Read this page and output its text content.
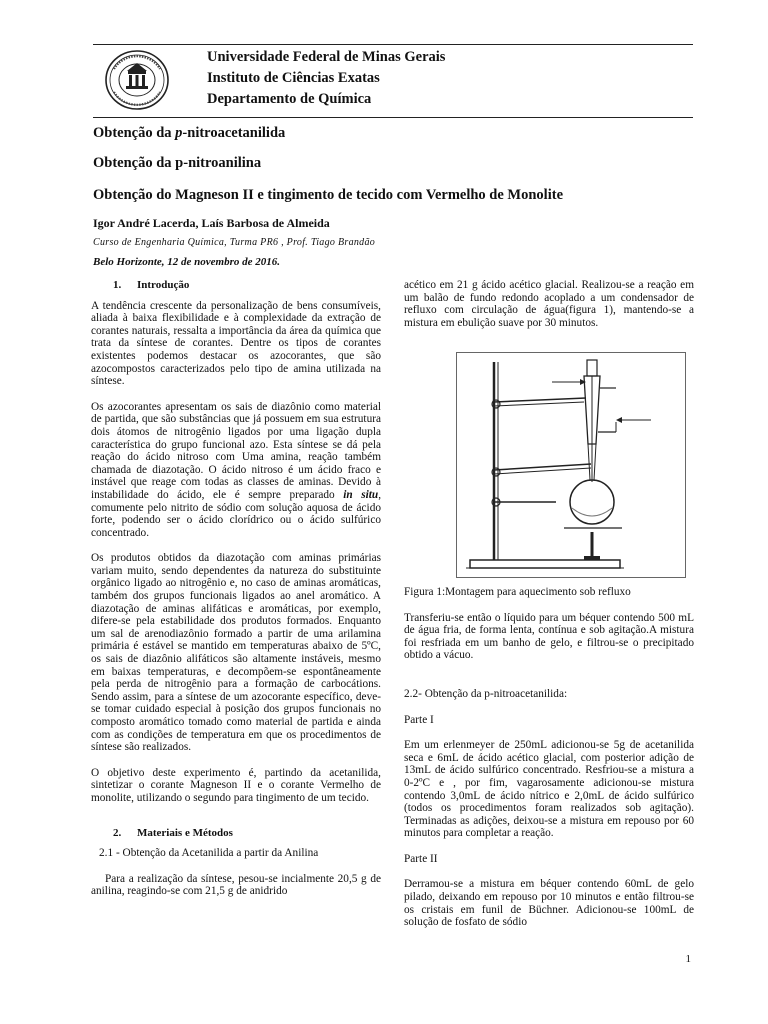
Universidade Federal de Minas Gerais
Instituto de Ciências Exatas
Departamento de Química
Obtenção da p-nitroacetanilida
Obtenção da p-nitroanilina
Obtenção do Magneson II e tingimento de tecido com Vermelho de Monolite
Igor André Lacerda, Laís Barbosa de Almeida
Curso de Engenharia Química, Turma PR6 , Prof. Tiago Brandão
Belo Horizonte, 12 de novembro de 2016.
1. Introdução

A tendência crescente da personalização de bens consumíveis, aliada à baixa flexibilidade e à complexidade da extração de corantes naturais, ressalta a importância da área da química que trata da síntese de corantes. Dentre os tipos de corantes existentes podemos destacar os azocorantes, que são azocompostos caracterizados pelo tipo de amina utilizada na síntese.

Os azocorantes apresentam os sais de diazônio como material de partida, que são substâncias que já possuem em sua estrutura dois átomos de nitrogênio ligados por uma ligação dupla característica do grupo funcional azo. Esta síntese se dá pela reação do ácido nitroso com Uma amina, reação também chamada de diazotação. O ácido nitroso é um ácido fraco e instável que reage com todas as classes de aminas. Devido à instabilidade do ácido, ele é sempre preparado in situ, comumente pelo nitrito de sódio com solução aquosa de ácido forte, podendo ser o ácido clorídrico ou o ácido sulfúrico concentrado.

Os produtos obtidos da diazotação com aminas primárias variam muito, sendo dependentes da natureza do substituinte orgânico ligado ao nitrogênio e, no caso de aminas aromáticas, também dos grupos funcionais ligados ao anel aromático. A diazotação de aminas alifáticas e aromáticas, por exemplo, difere-se pela estabilidade dos produtos formados. Enquanto um sal de arenodiazônio formado a partir de uma arilamina primária é estável se mantido em temperaturas abaixo de 5ºC, os sais de diazônio alifáticos são altamente instáveis, mesmo em baixas temperaturas, e decompõem-se espontâneamente pela perda de nitrogênio para a formação de carbocátions. Sendo assim, para a síntese de um azocorante específico, deve-se tomar cuidado especial à posição dos grupos funcionais no composto aromático tomado como material de partida e ainda com as condições de temperatura em que os procedimentos de síntese são realizados.

O objetivo deste experimento é, partindo da acetanilida, sintetizar o corante Magneson II e o corante Vermelho de monolite, utilizando o segundo para tingimento de um tecido.

2. Materiais e Métodos

2.1 - Obtenção da Acetanilida a partir da Anilina

Para a realização da síntese, pesou-se incialmente 20,5 g de anilina, reagindo-se com 21,5 g de anidrido

acético em 21 g ácido acético glacial. Realizou-se a reação em um balão de fundo redondo acoplado a um condensador de refluxo com circulação de água(figura 1), mantendo-se a mistura em ebulição suave por 30 minutos.

Figura 1:Montagem para aquecimento sob refluxo

Transferiu-se então o líquido para um béquer contendo 500 mL de água fria, de forma lenta, contínua e sob agitação.A mistura foi resfriada em um banho de gelo, e filtrou-se o precipitado obtido a vácuo.

2.2- Obtenção da p-nitroacetanilida:

Parte I

Em um erlenmeyer de 250mL adicionou-se 5g de acetanilida seca e 6mL de ácido acético glacial, com posterior adição de 13mL de ácido sulfúrico concentrado. Resfriou-se a mistura a 0-2ºC e , por fim, vagarosamente adicionou-se mistura contendo 3,0mL de ácido nítrico e 2,0mL de ácido sulfúrico (todos os procedimentos foram realizados sob agitação). Terminadas as adições, deixou-se a mistura em repouso por 60 minutos para completar a reação.

Parte II

Derramou-se a mistura em béquer contendo 60mL de gelo pilado, deixando em repouso por 10 minutos e então filtrou-se os cristais em funil de Büchner. Adicionou-se 100mL de solução de fosfato de sódio

1
